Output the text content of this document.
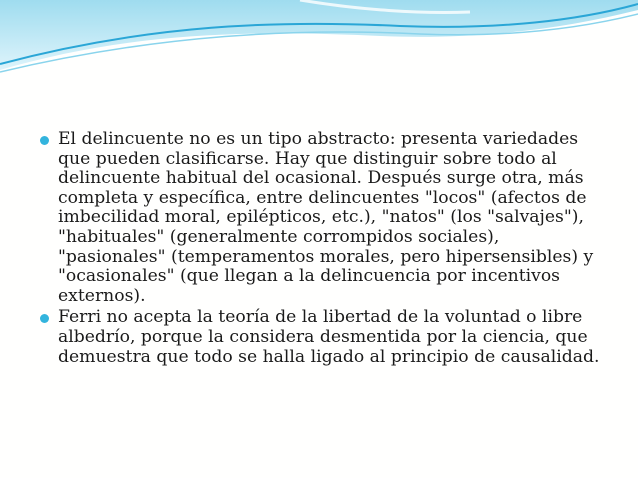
El delincuente no es un tipo abstracto: presenta variedades que pueden clasificarse. Hay que distinguir sobre todo al delincuente habitual del ocasional. Después surge otra, más completa y específica, entre delincuentes "locos" (afectos de imbecilidad moral, epilépticos, etc.), "natos" (los "salvajes"), "habituales" (generalmente corrompidos sociales), "pasionales" (temperamentos morales, pero hipersensibles) y "ocasionales" (que llegan a la delincuencia por incentivos externos).
Ferri no acepta la teoría de la libertad de la voluntad o libre albedrío, porque la considera desmentida por la ciencia, que demuestra que todo se halla ligado al principio de causalidad.
